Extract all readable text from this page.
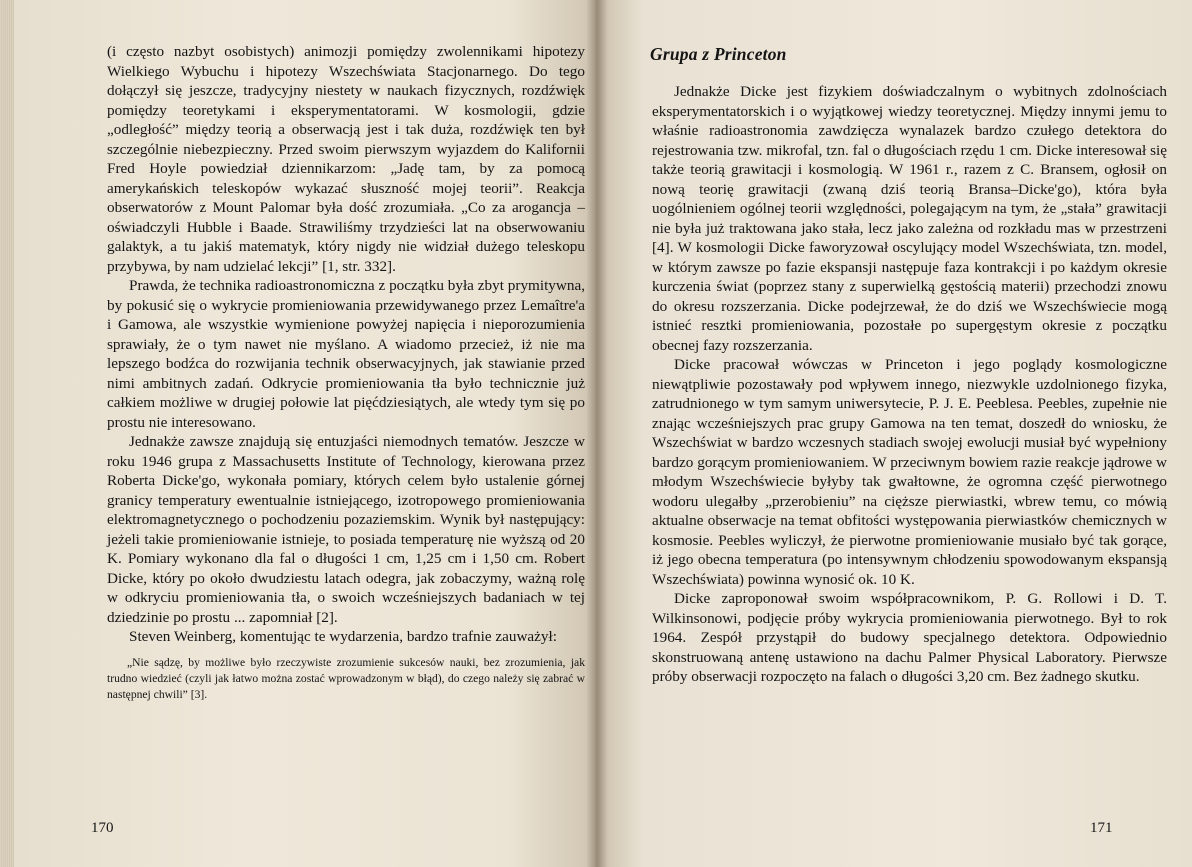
(i często nazbyt osobistych) animozji pomiędzy zwolennikami hipotezy Wielkiego Wybuchu i hipotezy Wszechświata Stacjonarnego. Do tego dołączył się jeszcze, tradycyjny niestety w naukach fizycznych, rozdźwięk pomiędzy teoretykami i eksperymentatorami. W kosmologii, gdzie „odległość” między teorią a obserwacją jest i tak duża, rozdźwięk ten był szczególnie niebezpieczny. Przed swoim pierwszym wyjazdem do Kalifornii Fred Hoyle powiedział dziennikarzom: „Jadę tam, by za pomocą amerykańskich teleskopów wykazać słuszność mojej teorii”. Reakcja obserwatorów z Mount Palomar była dość zrozumiała. „Co za arogancja – oświadczyli Hubble i Baade. Strawiliśmy trzydzieści lat na obserwowaniu galaktyk, a tu jakiś matematyk, który nigdy nie widział dużego teleskopu przybywa, by nam udzielać lekcji” [1, str. 332].

Prawda, że technika radioastronomiczna z początku była zbyt prymitywna, by pokusić się o wykrycie promieniowania przewidywanego przez Lemaître'a i Gamowa, ale wszystkie wymienione powyżej napięcia i nieporozumienia sprawiały, że o tym nawet nie myślano. A wiadomo przecież, iż nie ma lepszego bodźca do rozwijania technik obserwacyjnych, jak stawianie przed nimi ambitnych zadań. Odkrycie promieniowania tła było technicznie już całkiem możliwe w drugiej połowie lat pięćdziesiątych, ale wtedy tym się po prostu nie interesowano.

Jednakże zawsze znajdują się entuzjaści niemodnych tematów. Jeszcze w roku 1946 grupa z Massachusetts Institute of Technology, kierowana przez Roberta Dicke'go, wykonała pomiary, których celem było ustalenie górnej granicy temperatury ewentualnie istniejącego, izotropowego promieniowania elektromagnetycznego o pochodzeniu pozaziemskim. Wynik był następujący: jeżeli takie promieniowanie istnieje, to posiada temperaturę nie wyższą od 20 K. Pomiary wykonano dla fal o długości 1 cm, 1,25 cm i 1,50 cm. Robert Dicke, który po około dwudziestu latach odegra, jak zobaczymy, ważną rolę w odkryciu promieniowania tła, o swoich wcześniejszych badaniach w tej dziedzinie po prostu ... zapomniał [2].

Steven Weinberg, komentując te wydarzenia, bardzo trafnie zauważył:

„Nie sądzę, by możliwe było rzeczywiste zrozumienie sukcesów nauki, bez zrozumienia, jak trudno wiedzieć (czyli jak łatwo można zostać wprowadzonym w błąd), do czego należy się zabrać w następnej chwili” [3].

170
Grupa z Princeton

Jednakże Dicke jest fizykiem doświadczalnym o wybitnych zdolnościach eksperymentatorskich i o wyjątkowej wiedzy teoretycznej. Między innymi jemu to właśnie radioastronomia zawdzięcza wynalazek bardzo czułego detektora do rejestrowania tzw. mikrofal, tzn. fal o długościach rzędu 1 cm. Dicke interesował się także teorią grawitacji i kosmologią. W 1961 r., razem z C. Bransem, ogłosił on nową teorię grawitacji (zwaną dziś teorią Bransa–Dicke'go), która była uogólnieniem ogólnej teorii względności, polegającym na tym, że „stała” grawitacji nie była już traktowana jako stała, lecz jako zależna od rozkładu mas w przestrzeni [4]. W kosmologii Dicke faworyzował oscylujący model Wszechświata, tzn. model, w którym zawsze po fazie ekspansji następuje faza kontrakcji i po każdym okresie kurczenia świat (poprzez stany z superwielką gęstością materii) przechodzi znowu do okresu rozszerzania. Dicke podejrzewał, że do dziś we Wszechświecie mogą istnieć resztki promieniowania, pozostałe po supergęstym okresie z początku obecnej fazy rozszerzania.

Dicke pracował wówczas w Princeton i jego poglądy kosmologiczne niewątpliwie pozostawały pod wpływem innego, niezwykle uzdolnionego fizyka, zatrudnionego w tym samym uniwersytecie, P. J. E. Peeblesa. Peebles, zupełnie nie znając wcześniejszych prac grupy Gamowa na ten temat, doszedł do wniosku, że Wszechświat w bardzo wczesnych stadiach swojej ewolucji musiał być wypełniony bardzo gorącym promieniowaniem. W przeciwnym bowiem razie reakcje jądrowe w młodym Wszechświecie byłyby tak gwałtowne, że ogromna część pierwotnego wodoru ulegałby „przerobieniu” na cięższe pierwiastki, wbrew temu, co mówią aktualne obserwacje na temat obfitości występowania pierwiastków chemicznych w kosmosie. Peebles wyliczył, że pierwotne promieniowanie musiało być tak gorące, iż jego obecna temperatura (po intensywnym chłodzeniu spowodowanym ekspansją Wszechświata) powinna wynosić ok. 10 K.

Dicke zaproponował swoim współpracownikom, P. G. Rollowi i D. T. Wilkinsonowi, podjęcie próby wykrycia promieniowania pierwotnego. Był to rok 1964. Zespół przystąpił do budowy specjalnego detektora. Odpowiednio skonstruowaną antenę ustawiono na dachu Palmer Physical Laboratory. Pierwsze próby obserwacji rozpoczęto na falach o długości 3,20 cm. Bez żadnego skutku.

171
